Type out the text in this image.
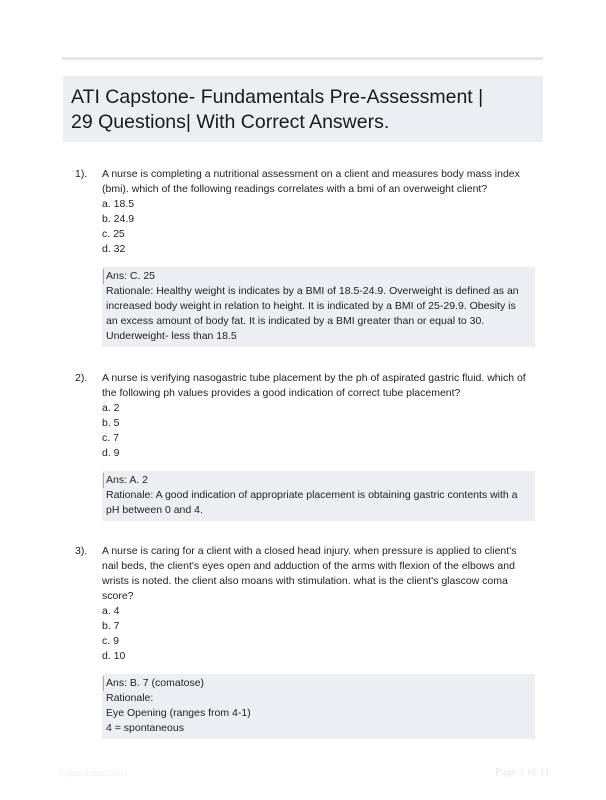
ATI Capstone- Fundamentals Pre-Assessment |
29 Questions| With Correct Answers.
1). A nurse is completing a nutritional assessment on a client and measures body mass index
(bmi). which of the following readings correlates with a bmi of an overweight client?
a. 18.5
b. 24.9
c. 25
d. 32
Ans: C. 25
Rationale: Healthy weight is indicates by a BMI of 18.5-24.9. Overweight is defined as an
increased body weight in relation to height. It is indicated by a BMI of 25-29.9. Obesity is
an excess amount of body fat. It is indicated by a BMI greater than or equal to 30.
Underweight- less than 18.5
2). A nurse is verifying nasogastric tube placement by the ph of aspirated gastric fluid. which of
the following ph values provides a good indication of correct tube placement?
a. 2
b. 5
c. 7
d. 9
Ans: A. 2
Rationale: A good indication of appropriate placement is obtaining gastric contents with a
pH between 0 and 4.
3). A nurse is caring for a client with a closed head injury. when pressure is applied to client's
nail beds, the client's eyes open and adduction of the arms with flexion of the elbows and
wrists is noted. the client also moans with stimulation. what is the client's glascow coma
score?
a. 4
b. 7
c. 9
d. 10
Ans: B. 7 (comatose)
Rationale:
Eye Opening (ranges from 4-1)
4 = spontaneous
Paperlibbic.com	Page 1 of 11
